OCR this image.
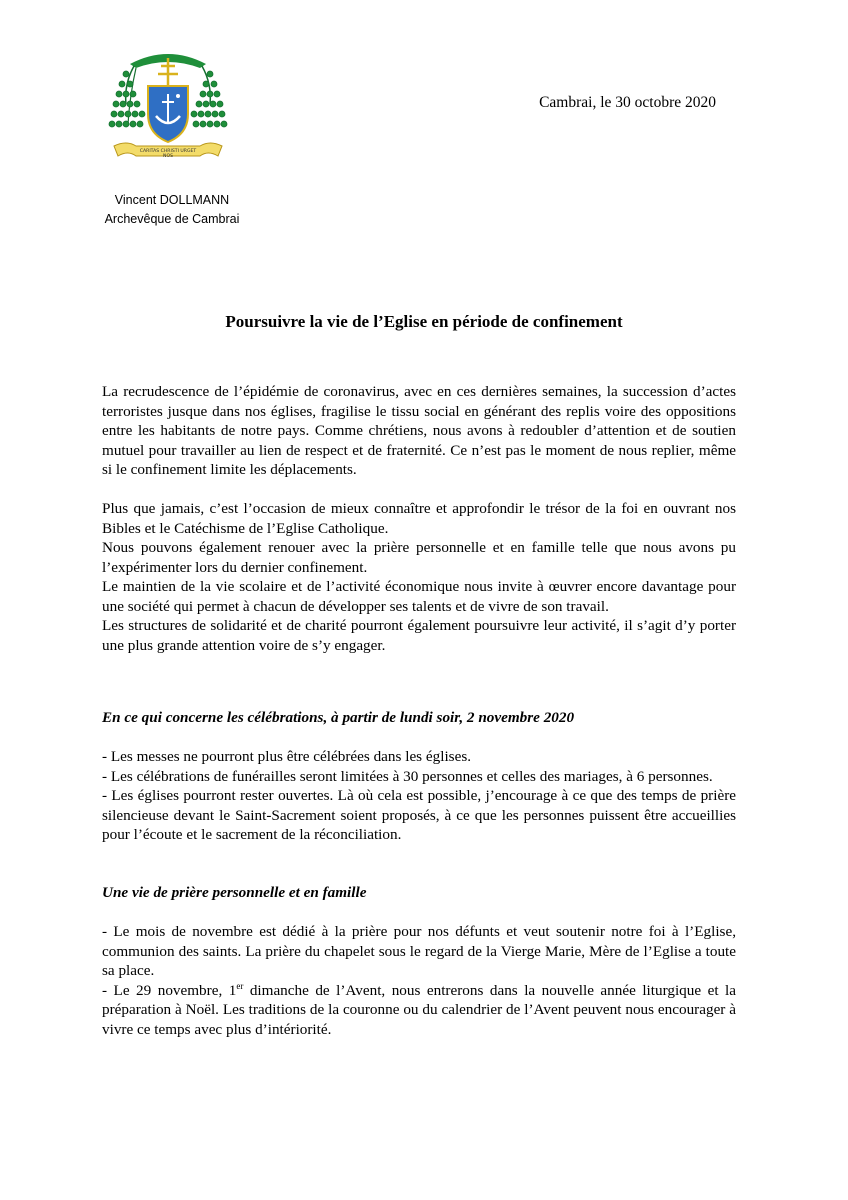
CARITAS CHRISTI URGET NOS
Vincent DOLLMANN
Archevêque de Cambrai
Cambrai, le 30 octobre 2020
Poursuivre la vie de l’Eglise en période de confinement

La recrudescence de l’épidémie de coronavirus, avec en ces dernières semaines, la succession d’actes terroristes jusque dans nos églises, fragilise le tissu social en générant des replis voire des oppositions entre les habitants de notre pays. Comme chrétiens, nous avons à redoubler d’attention et de soutien mutuel pour travailler au lien de respect et de fraternité. Ce n’est pas le moment de nous replier, même si le confinement limite les déplacements.

Plus que jamais, c’est l’occasion de mieux connaître et approfondir le trésor de la foi en ouvrant nos Bibles et le Catéchisme de l’Eglise Catholique.

Nous pouvons également renouer avec la prière personnelle et en famille telle que nous avons pu l’expérimenter lors du dernier confinement.

Le maintien de la vie scolaire et de l’activité économique nous invite à œuvrer encore davantage pour une société qui permet à chacun de développer ses talents et de vivre de son travail.

Les structures de solidarité et de charité pourront également poursuivre leur activité, il s’agit d’y porter une plus grande attention voire de s’y engager.

En ce qui concerne les célébrations, à partir de lundi soir, 2 novembre 2020

- Les messes ne pourront plus être célébrées dans les églises.

- Les célébrations de funérailles seront limitées à 30 personnes et celles des mariages, à 6 personnes.

- Les églises pourront rester ouvertes. Là où cela est possible, j’encourage à ce que des temps de prière silencieuse devant le Saint-Sacrement soient proposés, à ce que les personnes puissent être accueillies pour l’écoute et le sacrement de la réconciliation.

Une vie de prière personnelle et en famille

- Le mois de novembre est dédié à la prière pour nos défunts et veut soutenir notre foi à l’Eglise, communion des saints. La prière du chapelet sous le regard de la Vierge Marie, Mère de l’Eglise a toute sa place.

- Le 29 novembre, 1er dimanche de l’Avent, nous entrerons dans la nouvelle année liturgique et la préparation à Noël. Les traditions de la couronne ou du calendrier de l’Avent peuvent nous encourager à vivre ce temps avec plus d’intériorité.
